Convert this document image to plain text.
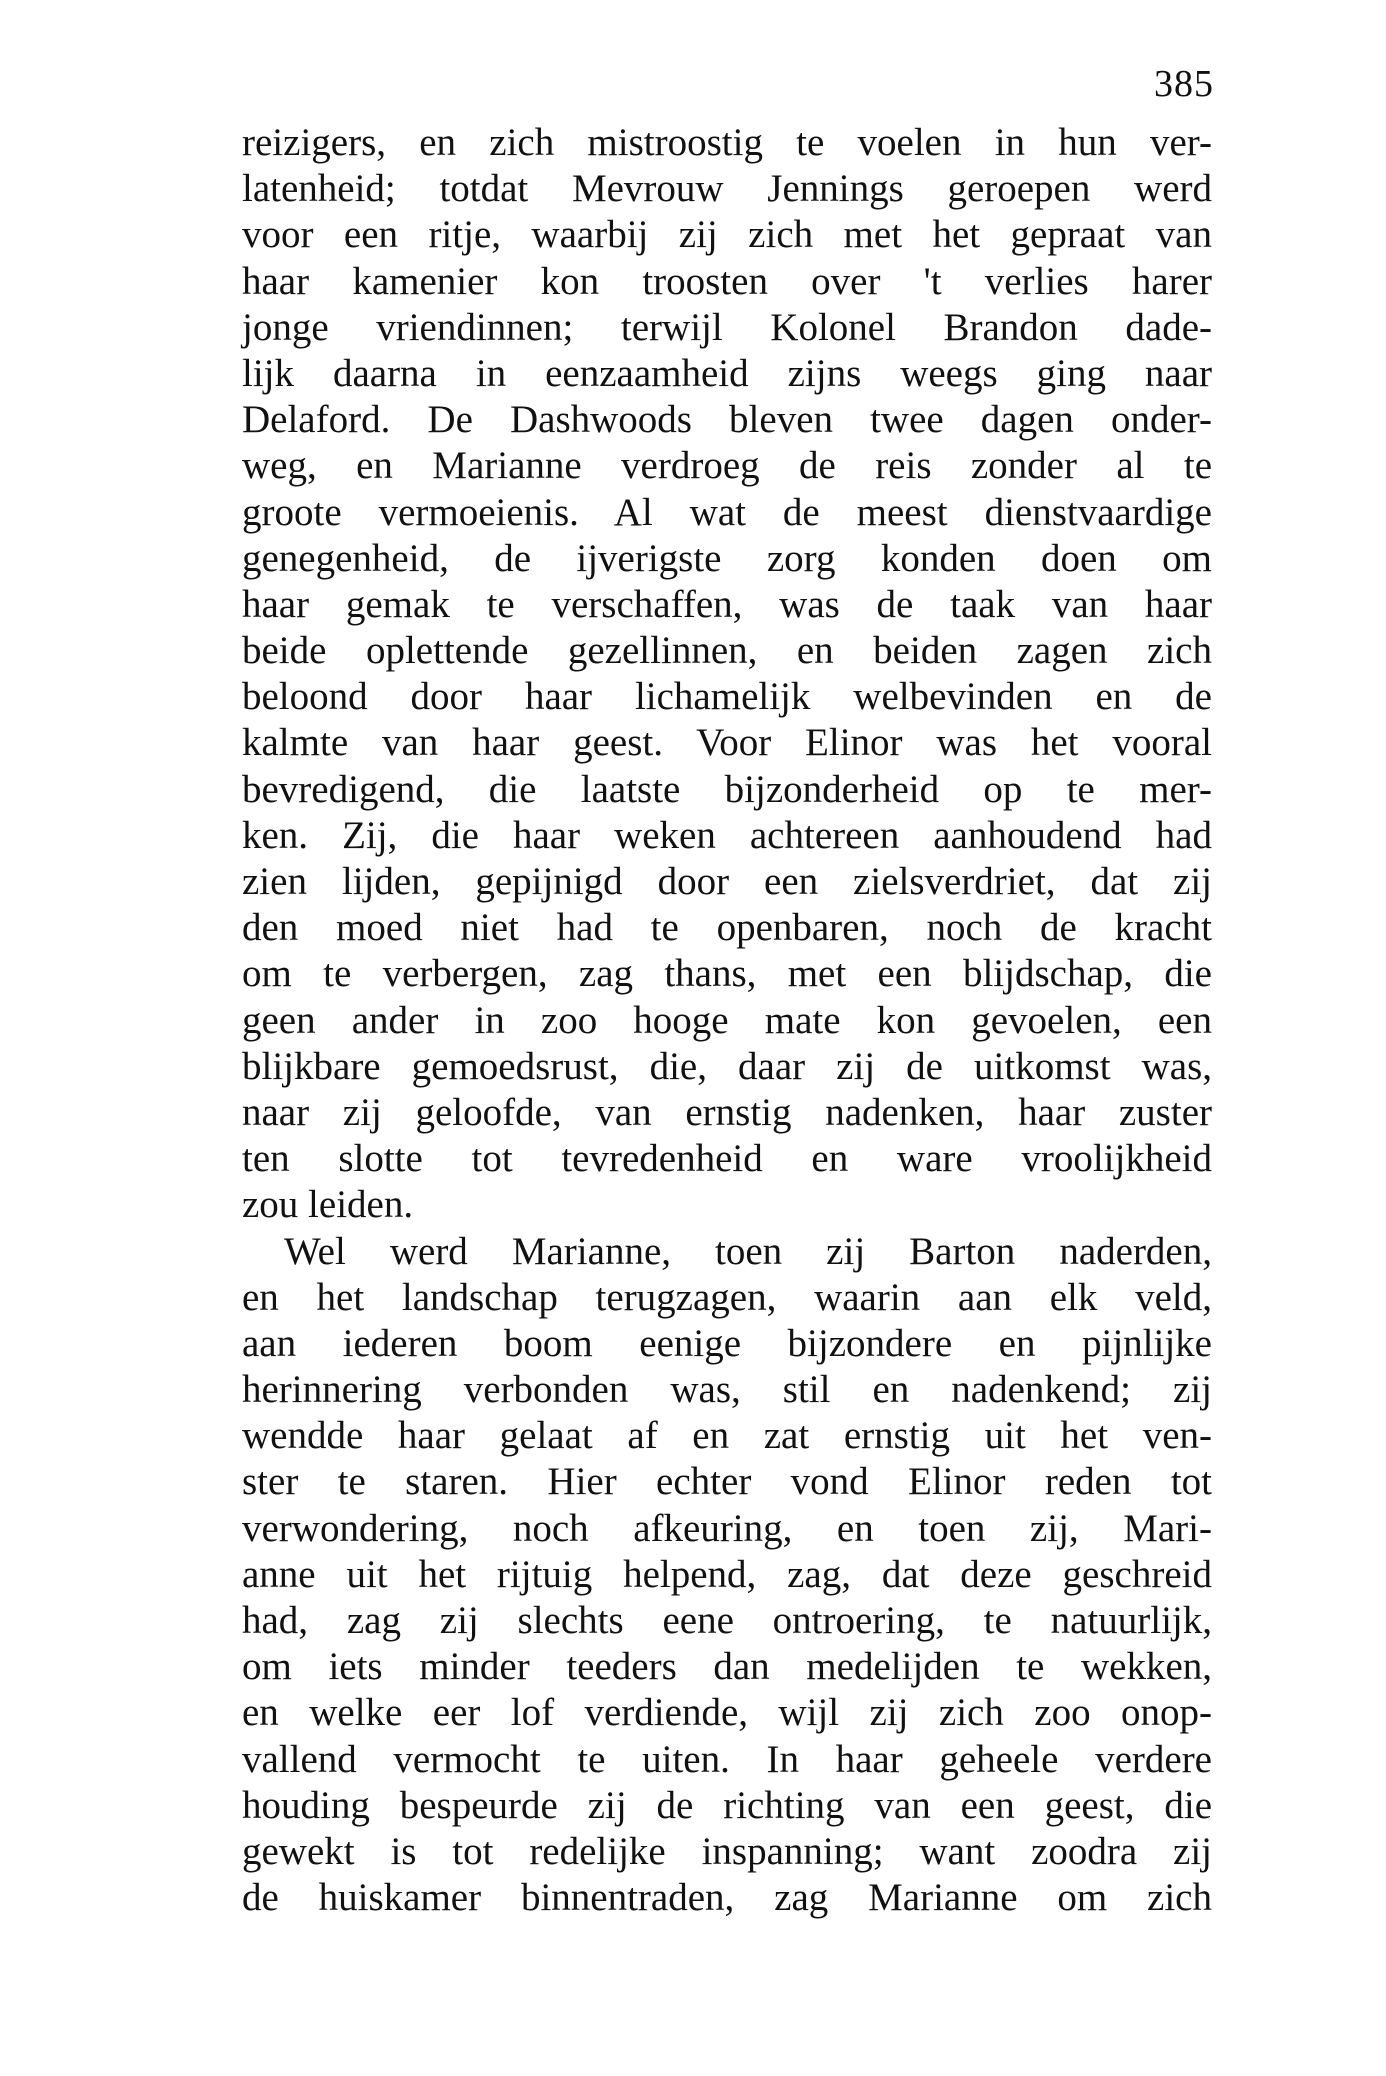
385
reizigers, en zich mistroostig te voelen in hun ver-
latenheid; totdat Mevrouw Jennings geroepen werd
voor een ritje, waarbij zij zich met het gepraat van
haar kamenier kon troosten over 't verlies harer
jonge vriendinnen; terwijl Kolonel Brandon dade-
lijk daarna in eenzaamheid zijns weegs ging naar
Delaford. De Dashwoods bleven twee dagen onder-
weg, en Marianne verdroeg de reis zonder al te
groote vermoeienis. Al wat de meest dienstvaardige
genegenheid, de ijverigste zorg konden doen om
haar gemak te verschaffen, was de taak van haar
beide oplettende gezellinnen, en beiden zagen zich
beloond door haar lichamelijk welbevinden en de
kalmte van haar geest. Voor Elinor was het vooral
bevredigend, die laatste bijzonderheid op te mer-
ken. Zij, die haar weken achtereen aanhoudend had
zien lijden, gepijnigd door een zielsverdriet, dat zij
den moed niet had te openbaren, noch de kracht
om te verbergen, zag thans, met een blijdschap, die
geen ander in zoo hooge mate kon gevoelen, een
blijkbare gemoedsrust, die, daar zij de uitkomst was,
naar zij geloofde, van ernstig nadenken, haar zuster
ten slotte tot tevredenheid en ware vroolijkheid
zou leiden.
Wel werd Marianne, toen zij Barton naderden,
en het landschap terugzagen, waarin aan elk veld,
aan iederen boom eenige bijzondere en pijnlijke
herinnering verbonden was, stil en nadenkend; zij
wendde haar gelaat af en zat ernstig uit het ven-
ster te staren. Hier echter vond Elinor reden tot
verwondering, noch afkeuring, en toen zij, Mari-
anne uit het rijtuig helpend, zag, dat deze geschreid
had, zag zij slechts eene ontroering, te natuurlijk,
om iets minder teeders dan medelijden te wekken,
en welke eer lof verdiende, wijl zij zich zoo onop-
vallend vermocht te uiten. In haar geheele verdere
houding bespeurde zij de richting van een geest, die
gewekt is tot redelijke inspanning; want zoodra zij
de huiskamer binnentraden, zag Marianne om zich
